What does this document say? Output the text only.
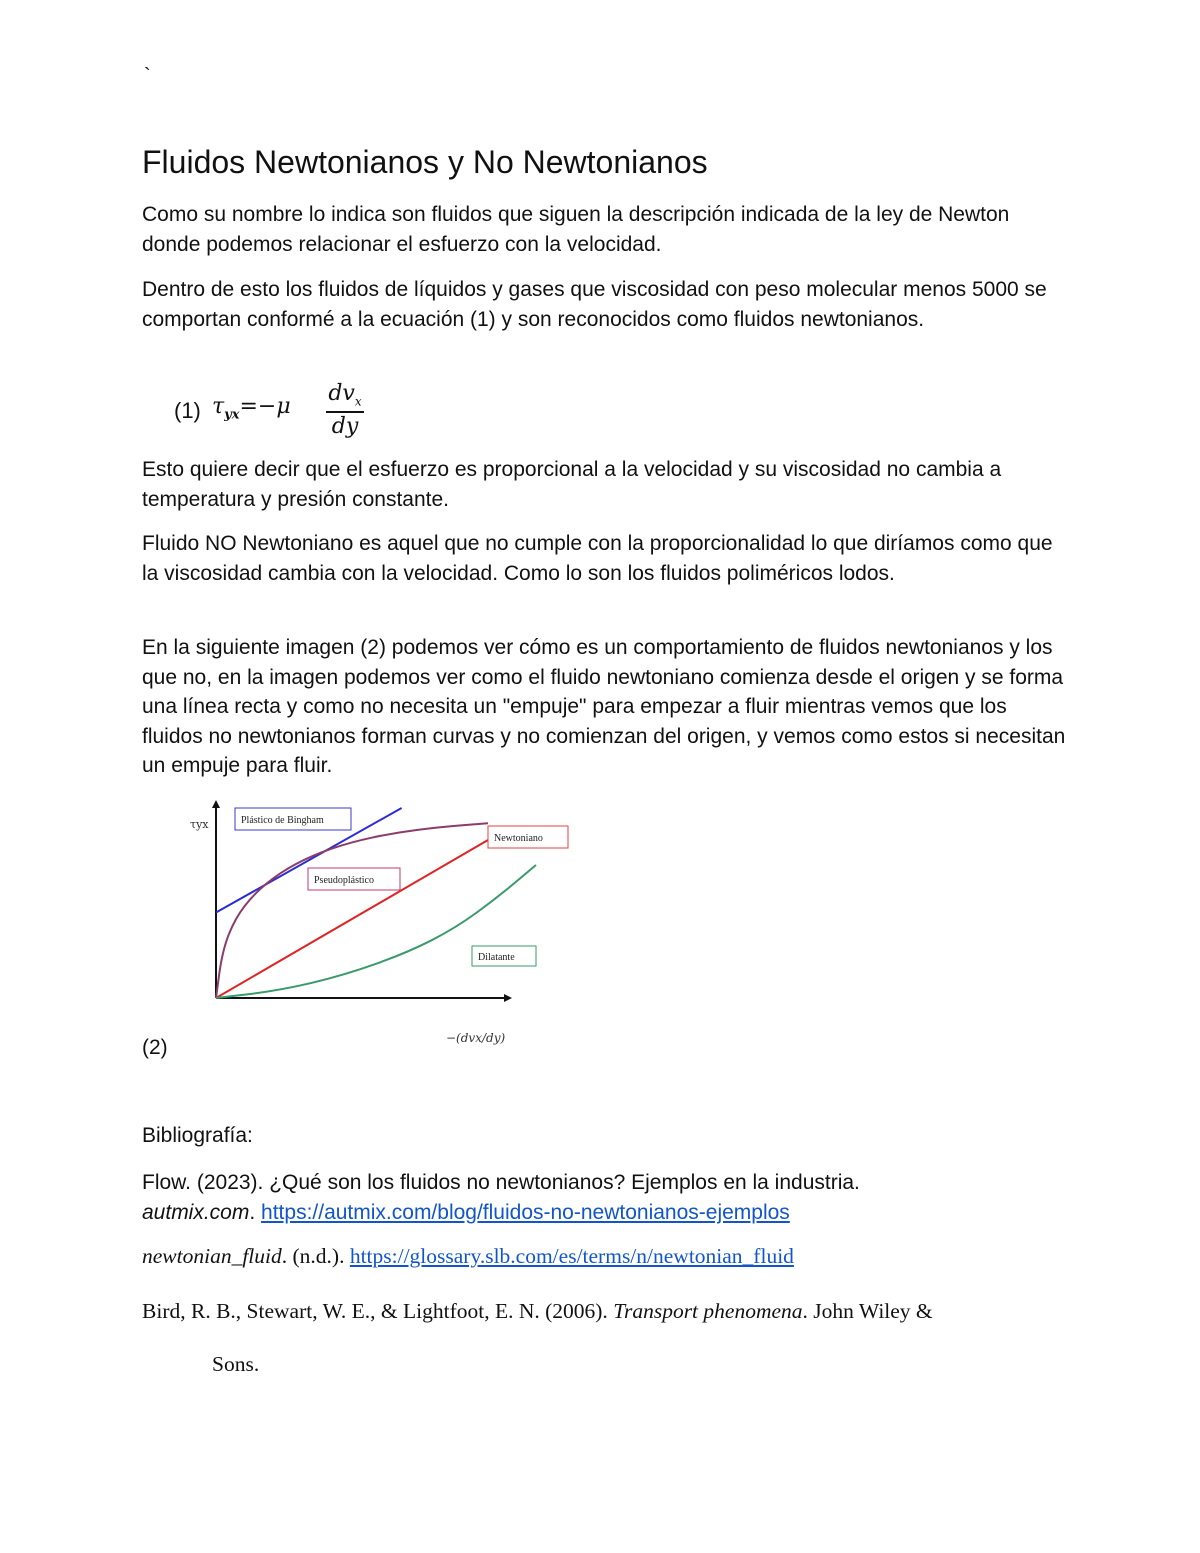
`
Fluidos Newtonianos y No Newtonianos

Como su nombre lo indica son fluidos que siguen la descripción indicada de la ley de Newton donde podemos relacionar el esfuerzo con la velocidad.

Dentro de esto los fluidos de líquidos y gases que viscosidad con peso molecular menos 5000 se comportan conformé a la ecuación (1) y son reconocidos como fluidos newtonianos.

(1) $\tau_{yx}=-\mu$
$dv_x$
dy

Esto quiere decir que el esfuerzo es proporcional a la velocidad y su viscosidad no cambia a temperatura y presión constante.

Fluido NO Newtoniano es aquel que no cumple con la proporcionalidad lo que diríamos como que la viscosidad cambia con la velocidad. Como lo son los fluidos poliméricos lodos.

En la siguiente imagen (2) podemos ver cómo es un comportamiento de fluidos newtonianos y los que no, en la imagen podemos ver como el fluido newtoniano comienza desde el origen y se forma una línea recta y como no necesita un "empuje" para empezar a fluir mientras vemos que los fluidos no newtonianos forman curvas y no comienzan del origen, y vemos como estos si necesitan un empuje para fluir.

τyx
−(dvx/dy)
Plástico de Bingham
Pseudoplástico
Newtoniano
Dilatante
(2)
Bibliografía:
Flow. (2023). ¿Qué son los fluidos no newtonianos? Ejemplos en la industria.
autmix.com. https://autmix.com/blog/fluidos-no-newtonianos-ejemplos
newtonian_fluid. (n.d.). https://glossary.slb.com/es/terms/n/newtonian_fluid
Bird, R. B., Stewart, W. E., & Lightfoot, E. N. (2006). Transport phenomena. John Wiley &
Sons.
